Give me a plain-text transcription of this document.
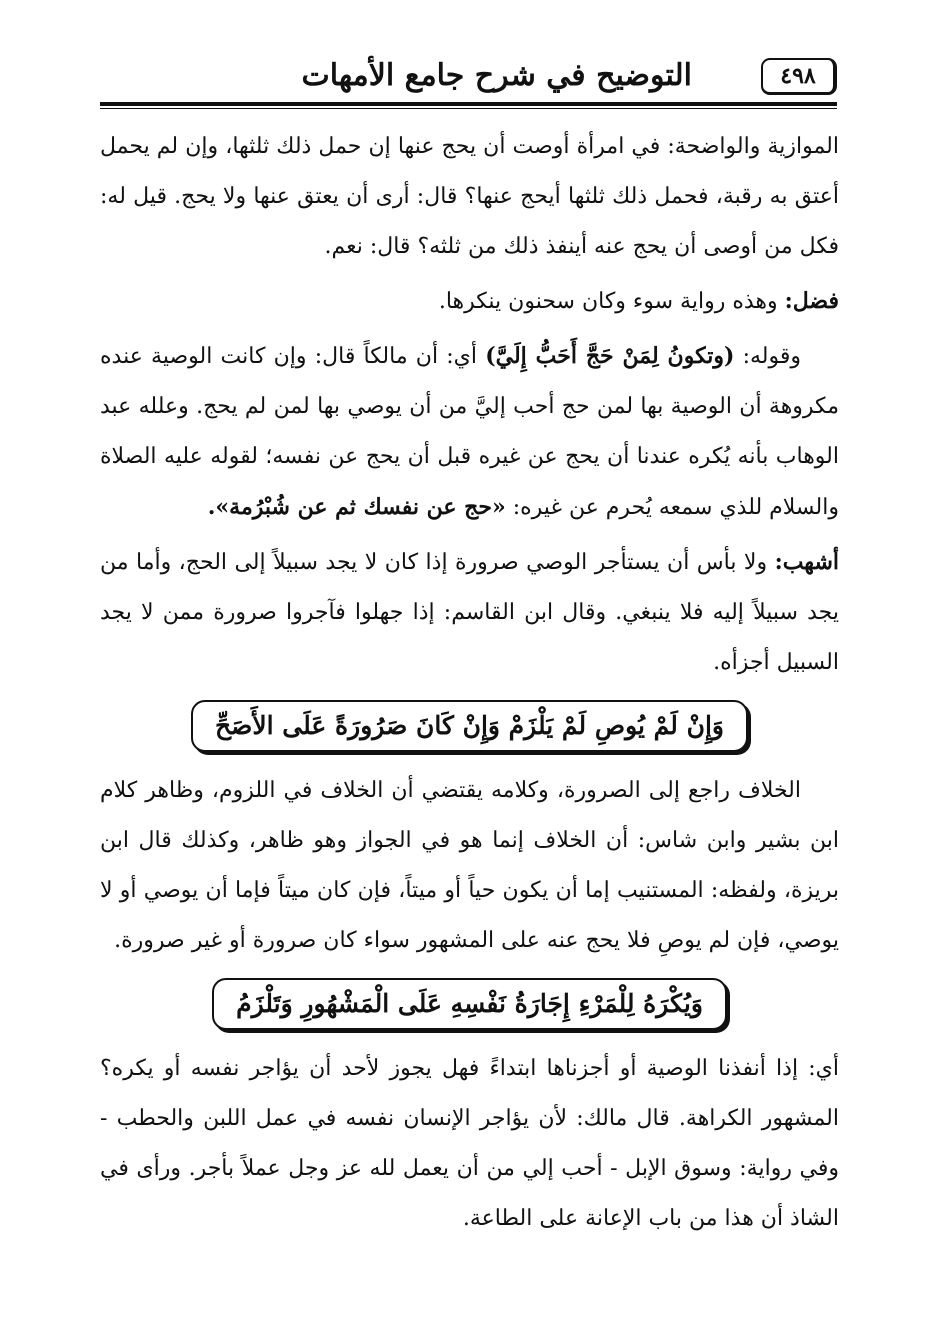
٤٩٨
التوضيح في شرح جامع الأمهات

الموازية والواضحة: في امرأة أوصت أن يحج عنها إن حمل ذلك ثلثها، وإن لم يحمل أعتق به رقبة، فحمل ذلك ثلثها أيحج عنها؟ قال: أرى أن يعتق عنها ولا يحج. قيل له: فكل من أوصى أن يحج عنه أينفذ ذلك من ثلثه؟ قال: نعم.

فضل: وهذه رواية سوء وكان سحنون ينكرها.

وقوله: (وتكونُ لِمَنْ حَجَّ أَحَبُّ إِلَيَّ) أي: أن مالكاً قال: وإن كانت الوصية عنده مكروهة أن الوصية بها لمن حج أحب إليَّ من أن يوصي بها لمن لم يحج. وعلله عبد الوهاب بأنه يُكره عندنا أن يحج عن غيره قبل أن يحج عن نفسه؛ لقوله عليه الصلاة والسلام للذي سمعه يُحرم عن غيره: «حج عن نفسك ثم عن شُبْرُمة».

أشهب: ولا بأس أن يستأجر الوصي صرورة إذا كان لا يجد سبيلاً إلى الحج، وأما من يجد سبيلاً إليه فلا ينبغي. وقال ابن القاسم: إذا جهلوا فآجروا صرورة ممن لا يجد السبيل أجزأه.

وَإِنْ لَمْ يُوصِ لَمْ يَلْزَمْ وَإِنْ كَانَ صَرُورَةً عَلَى الأَصَحِّ

الخلاف راجع إلى الصرورة، وكلامه يقتضي أن الخلاف في اللزوم، وظاهر كلام ابن بشير وابن شاس: أن الخلاف إنما هو في الجواز وهو ظاهر، وكذلك قال ابن بريزة، ولفظه: المستنيب إما أن يكون حياً أو ميتاً، فإن كان ميتاً فإما أن يوصي أو لا يوصي، فإن لم يوصِ فلا يحج عنه على المشهور سواء كان صرورة أو غير صرورة.

وَيُكْرَهُ لِلْمَرْءِ إِجَارَةُ نَفْسِهِ عَلَى الْمَشْهُورِ وَتَلْزَمُ

أي: إذا أنفذنا الوصية أو أجزناها ابتداءً فهل يجوز لأحد أن يؤاجر نفسه أو يكره؟ المشهور الكراهة. قال مالك: لأن يؤاجر الإنسان نفسه في عمل اللبن والحطب - وفي رواية: وسوق الإبل - أحب إلي من أن يعمل لله عز وجل عملاً بأجر. ورأى في الشاذ أن هذا من باب الإعانة على الطاعة.
